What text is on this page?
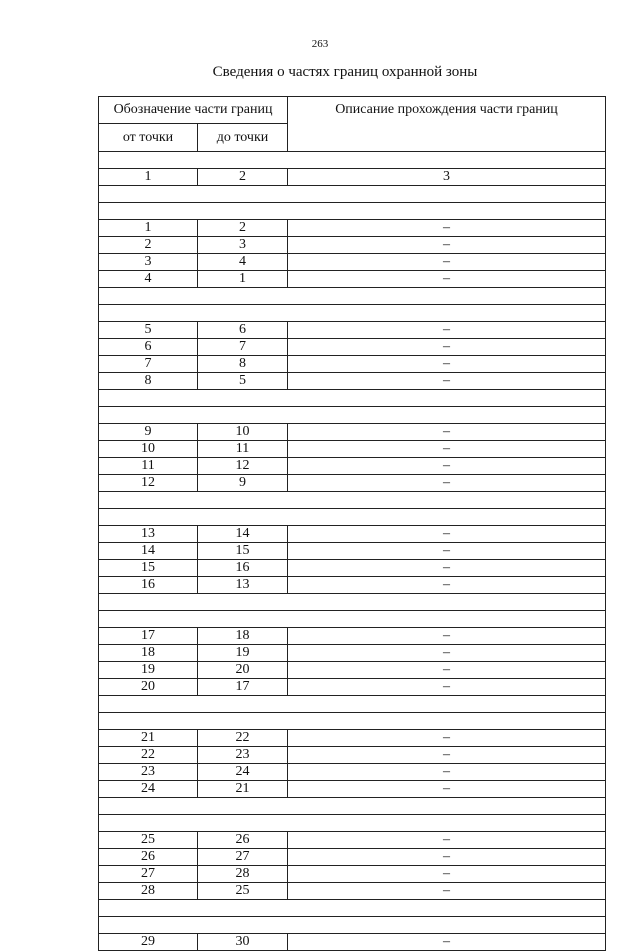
263
Сведения о частях границ охранной зоны
Обозначение части границ		Описание прохождения части границ
от точки	до точки	

1	2	3

1	2	–
2	3	–
3	4	–
4	1	–

5	6	–
6	7	–
7	8	–
8	5	–

9	10	–
10	11	–
11	12	–
12	9	–

13	14	–
14	15	–
15	16	–
16	13	–

17	18	–
18	19	–
19	20	–
20	17	–

21	22	–
22	23	–
23	24	–
24	21	–

25	26	–
26	27	–
27	28	–
28	25	–

29	30	–
